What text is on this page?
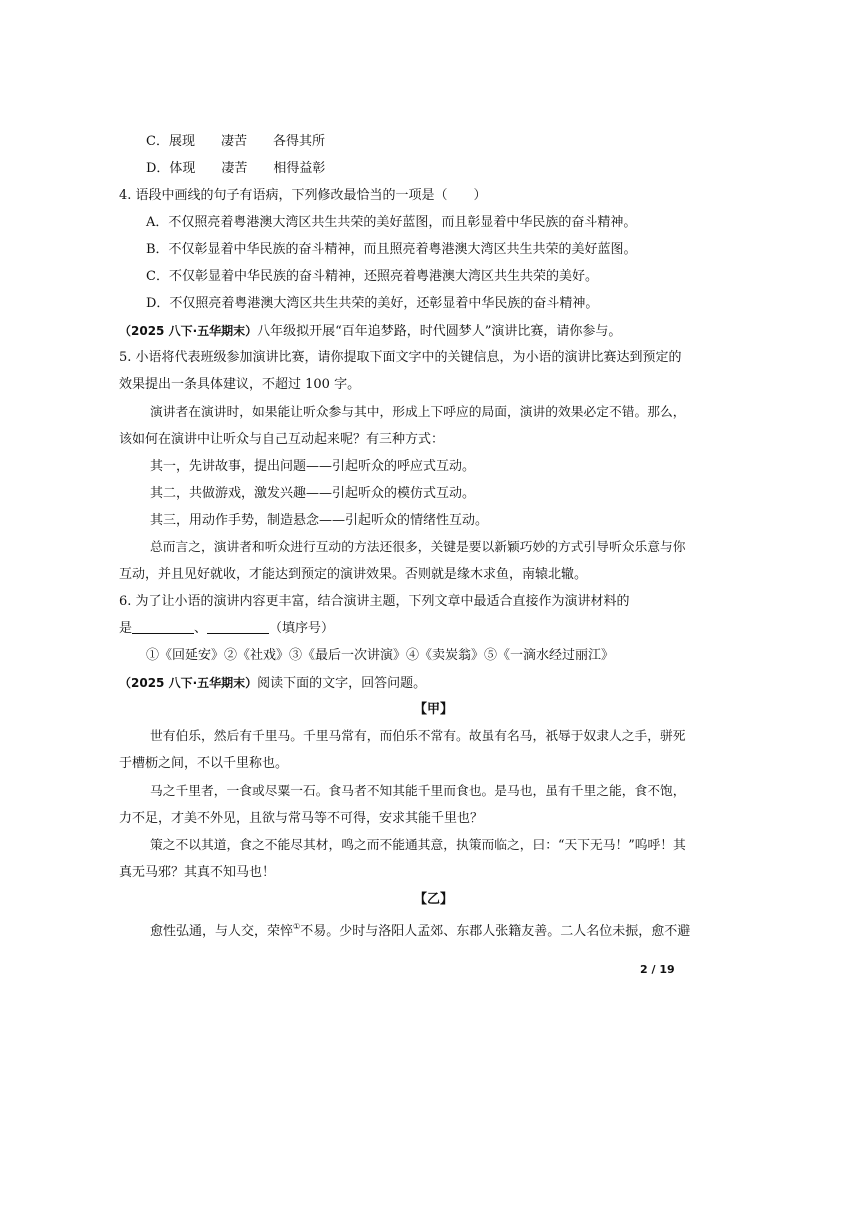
C．展现　　凄苦　　各得其所
D．体现　　凄苦　　相得益彰
4. 语段中画线的句子有语病，下列修改最恰当的一项是（　　）
A．不仅照亮着粤港澳大湾区共生共荣的美好蓝图，而且彰显着中华民族的奋斗精神。
B．不仅彰显着中华民族的奋斗精神，而且照亮着粤港澳大湾区共生共荣的美好蓝图。
C．不仅彰显着中华民族的奋斗精神，还照亮着粤港澳大湾区共生共荣的美好。
D．不仅照亮着粤港澳大湾区共生共荣的美好，还彰显着中华民族的奋斗精神。
（2025 八下·五华期末）八年级拟开展“百年追梦路，时代圆梦人”演讲比赛，请你参与。
5. 小语将代表班级参加演讲比赛，请你提取下面文字中的关键信息，为小语的演讲比赛达到预定的
效果提出一条具体建议，不超过 100 字。
演讲者在演讲时，如果能让听众参与其中，形成上下呼应的局面，演讲的效果必定不错。那么，
该如何在演讲中让听众与自己互动起来呢？有三种方式：
其一，先讲故事，提出问题——引起听众的呼应式互动。
其二，共做游戏，激发兴趣——引起听众的模仿式互动。
其三，用动作手势，制造悬念——引起听众的情绪性互动。
总而言之，演讲者和听众进行互动的方法还很多，关键是要以新颖巧妙的方式引导听众乐意与你
互动，并且见好就收，才能达到预定的演讲效果。否则就是缘木求鱼，南辕北辙。
6. 为了让小语的演讲内容更丰富，结合演讲主题，下列文章中最适合直接作为演讲材料的
是	、	（填序号）
①《回延安》②《社戏》③《最后一次讲演》④《卖炭翁》⑤《一滴水经过丽江》
（2025 八下·五华期末）阅读下面的文字，回答问题。
【甲】
世有伯乐，然后有千里马。千里马常有，而伯乐不常有。故虽有名马，祇辱于奴隶人之手，骈死
于槽枥之间，不以千里称也。
马之千里者，一食或尽粟一石。食马者不知其能千里而食也。是马也，虽有千里之能，食不饱，
力不足，才美不外见，且欲与常马等不可得，安求其能千里也？
策之不以其道，食之不能尽其材，鸣之而不能通其意，执策而临之，曰：“天下无马！”呜呼！其
真无马邪？其真不知马也！
【乙】
愈性弘通，与人交，荣悴①不易。少时与洛阳人孟郊、东郡人张籍友善。二人名位未振，愈不避
2 / 19
